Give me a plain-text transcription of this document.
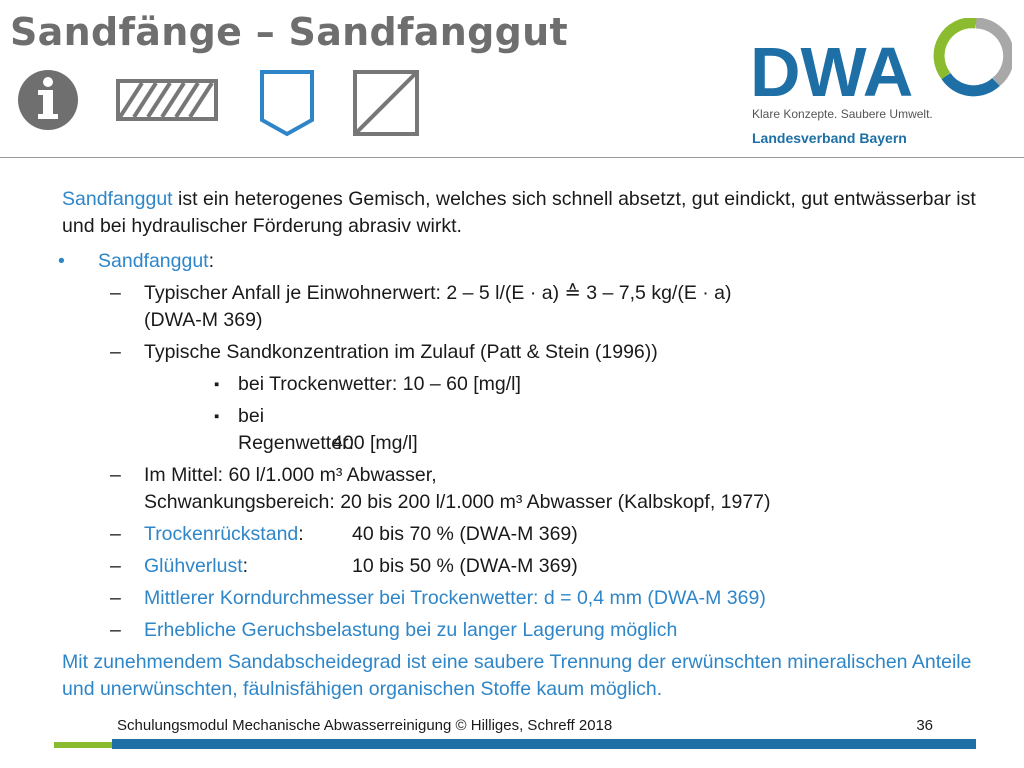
Sandfänge – Sandfanggut
DWA
Klare Konzepte. Saubere Umwelt.
Landesverband Bayern

Sandfanggut ist ein heterogenes Gemisch, welches sich schnell absetzt, gut eindickt, gut entwässerbar ist und bei hydraulischer Förderung abrasiv wirkt.

• Sandfanggut:
– Typischer Anfall je Einwohnerwert: 2 – 5 l/(E · a) ≙ 3 – 7,5 kg/(E · a)
(DWA-M 369)
– Typische Sandkonzentration im Zulauf (Patt & Stein (1996))
▪ bei Trockenwetter: 10 – 60 [mg/l]
▪ bei Regenwetter:400 [mg/l]
– Im Mittel: 60 l/1.000 m³ Abwasser,
Schwankungsbereich: 20 bis 200 l/1.000 m³ Abwasser (Kalbskopf, 1977)
– Trockenrückstand: 40 bis 70 % (DWA-M 369)
– Glühverlust:	10 bis 50 % (DWA-M 369)
– Mittlerer Korndurchmesser bei Trockenwetter: d = 0,4 mm (DWA-M 369)
– Erhebliche Geruchsbelastung bei zu langer Lagerung möglich

Mit zunehmendem Sandabscheidegrad ist eine saubere Trennung der erwünschten mineralischen Anteile und unerwünschten, fäulnisfähigen organischen Stoffe kaum möglich.

Schulungsmodul Mechanische Abwasserreinigung © Hilliges, Schreff 2018	36
